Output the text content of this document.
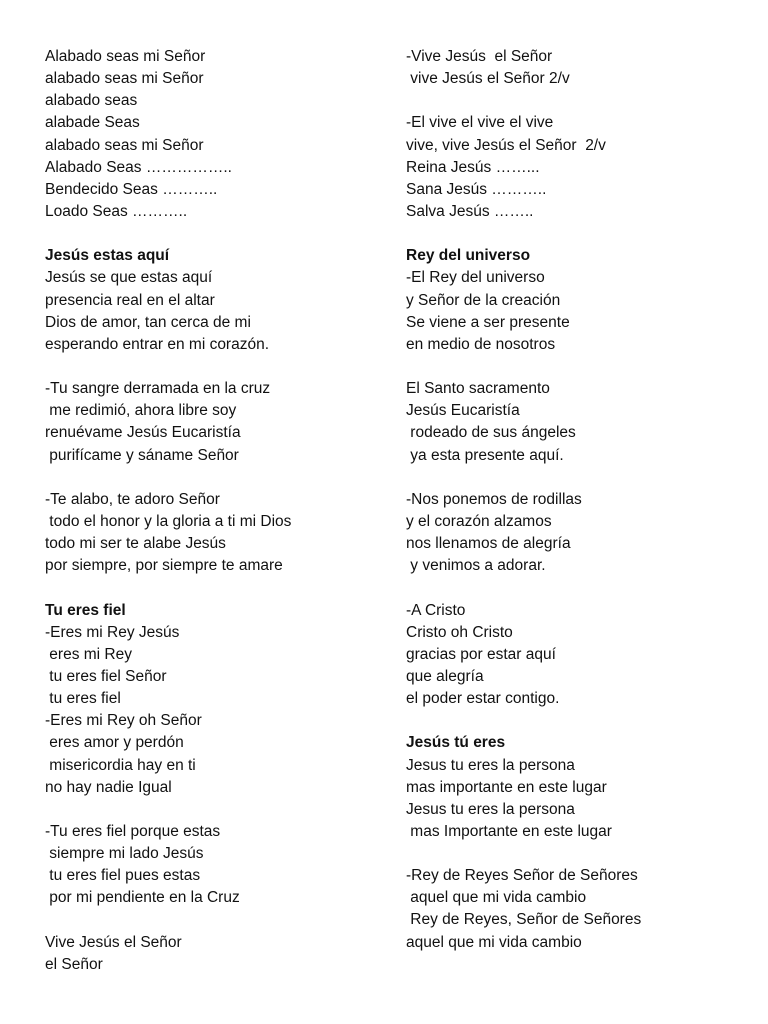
Alabado seas mi Señor
alabado seas mi Señor
alabado seas
alabade Seas
alabado seas mi Señor
Alabado Seas ……………..
Bendecido Seas ………..
Loado Seas ………..
Jesús estas aquí
Jesús se que estas aquí
presencia real en el altar
Dios de amor, tan cerca de mi
esperando entrar en mi corazón.
-Tu sangre derramada en la cruz
me redimió, ahora libre soy
renuévame Jesús Eucaristía
purifícame y sáname Señor
-Te alabo, te adoro Señor
todo el honor y la gloria a ti mi Dios
todo mi ser te alabe Jesús
por siempre, por siempre te amare
Tu eres fiel
-Eres mi Rey Jesús
eres mi Rey
tu eres fiel Señor
tu eres fiel
-Eres mi Rey oh Señor
eres amor y perdón
misericordia hay en ti
no hay nadie Igual
-Tu eres fiel porque estas
siempre mi lado Jesús
tu eres fiel pues estas
por mi pendiente en la Cruz
Vive Jesús el Señor
el Señor
-Vive Jesús  el Señor
vive Jesús el Señor 2/v
-El vive el vive el vive
vive, vive Jesús el Señor  2/v
Reina Jesús ……...
Sana Jesús ………..
Salva Jesús ……..
Rey del universo
-El Rey del universo
y Señor de la creación
Se viene a ser presente
en medio de nosotros
El Santo sacramento
Jesús Eucaristía
rodeado de sus ángeles
ya esta presente aquí.
-Nos ponemos de rodillas
y el corazón alzamos
nos llenamos de alegría
y venimos a adorar.
-A Cristo
Cristo oh Cristo
gracias por estar aquí
que alegría
el poder estar contigo.
Jesús tú eres
Jesus tu eres la persona
mas importante en este lugar
Jesus tu eres la persona
mas Importante en este lugar
-Rey de Reyes Señor de Señores
aquel que mi vida cambio
Rey de Reyes, Señor de Señores
aquel que mi vida cambio
